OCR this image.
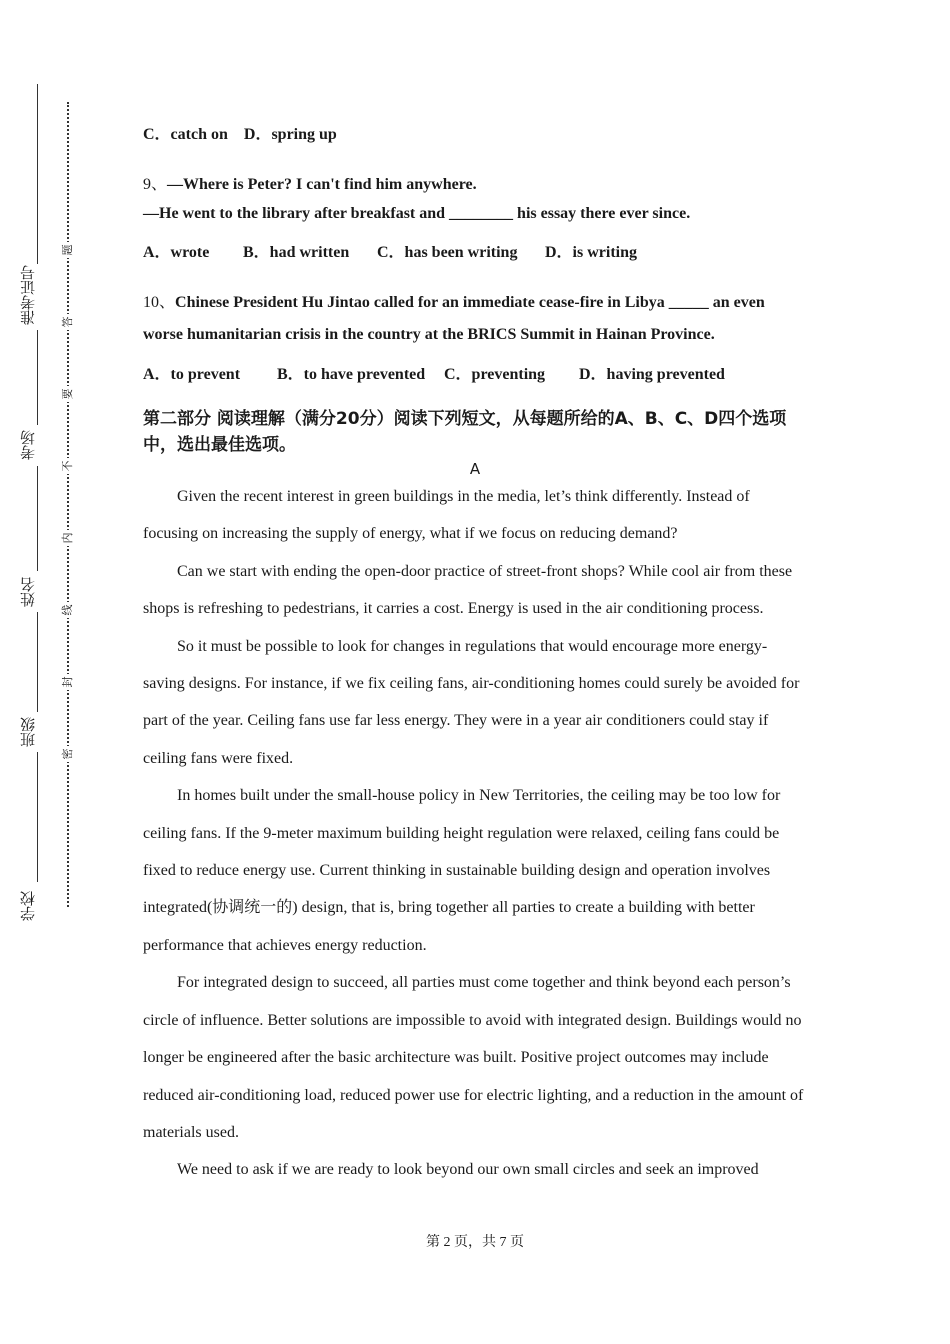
准考证号
考场
姓名
班级
学校
题
答
要
不
内
线
封
密
C．catch on    D．spring up
9、—Where is Peter? I can't find him anywhere.
—He went to the library after breakfast and ________ his essay there ever since.
A．wrote B．had written C．has been writing D．is writing
10、Chinese President Hu Jintao called for an immediate cease-fire in Libya _____ an even
worse humanitarian crisis in the country at the BRICS Summit in Hainan Province.
A．to prevent B．to have prevented C．preventing D．having prevented
第二部分 阅读理解（满分20分）阅读下列短文，从每题所给的A、B、C、D四个选项中，选出最佳选项。
A

Given the recent interest in green buildings in the media, let’s think differently. Instead of focusing on increasing the supply of energy, what if we focus on reducing demand?

Can we start with ending the open-door practice of street-front shops? While cool air from these shops is refreshing to pedestrians, it carries a cost. Energy is used in the air conditioning process.

So it must be possible to look for changes in regulations that would encourage more energy-saving designs. For instance, if we fix ceiling fans, air-conditioning homes could surely be avoided for part of the year. Ceiling fans use far less energy. They were in a year air conditioners could stay if ceiling fans were fixed.

In homes built under the small-house policy in New Territories, the ceiling may be too low for ceiling fans. If the 9-meter maximum building height regulation were relaxed, ceiling fans could be fixed to reduce energy use. Current thinking in sustainable building design and operation involves integrated(协调统一的) design, that is, bring together all parties to create a building with better performance that achieves energy reduction.

For integrated design to succeed, all parties must come together and think beyond each person’s circle of influence. Better solutions are impossible to avoid with integrated design. Buildings would no longer be engineered after the basic architecture was built. Positive project outcomes may include reduced air-conditioning load, reduced power use for electric lighting, and a reduction in the amount of materials used.

We need to ask if we are ready to look beyond our own small circles and seek an improved

第 2 页，共 7 页
